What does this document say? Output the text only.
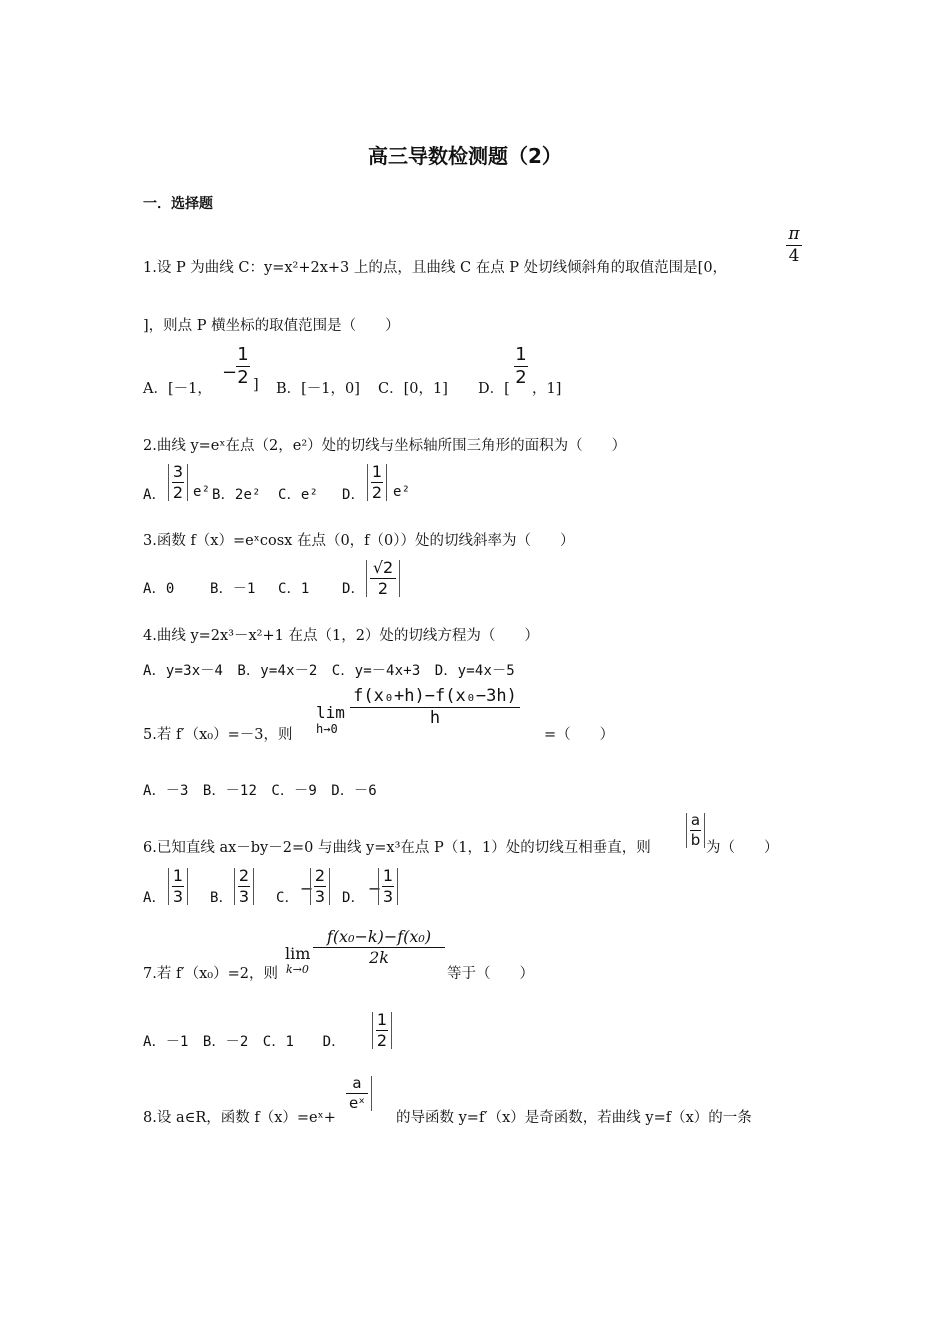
高三导数检测题（2）
一．选择题
1.设 P 为曲线 C：y=x²+2x+3 上的点，且曲线 C 在点 P 处切线倾斜角的取值范围是[0，
π
4
]，则点 P 横坐标的取值范围是（　　）
A．[－1，
−
1
2 ] B．[－1，0] C．[0，1] D．[
1
2
，1]
2.曲线 y=eˣ在点（2，e²）处的切线与坐标轴所围三角形的面积为（　　）
A．
3
2 e² B．2e² C．e² D．
1
2 e²
3.函数 f（x）=eˣcosx 在点（0，f（0））处的切线斜率为（　　）
A．0	B．－1 C．1 D．
√2
2
4.曲线 y=2x³－x²+1 在点（1，2）处的切线方程为（　　）
A．y=3x－4　B．y=4x－2　C．y=－4x+3　D．y=4x－5
5.若 f′（x₀）=－3，则
lim
h→0
f(x₀+h)−f(x₀−3h)
h
=（　　）
A．－3　B．－12　C．－9　D．－6
6.已知直线 ax－by－2=0 与曲线 y=x³在点 P（1，1）处的切线互相垂直，则
a
b 为（　　）
A．
1
3 B．
2
3 C． −
2
3 D． −
1
3
7.若 f′（x₀）=2，则
lim
k→0
f(x₀−k)−f(x₀)
2k
等于（　　）
A．－1　B．－2　C．1　　D．
1
2
8.设 a∈R，函数 f（x）=eˣ+
a
eˣ
的导函数 y=f′（x）是奇函数，若曲线 y=f（x）的一条
